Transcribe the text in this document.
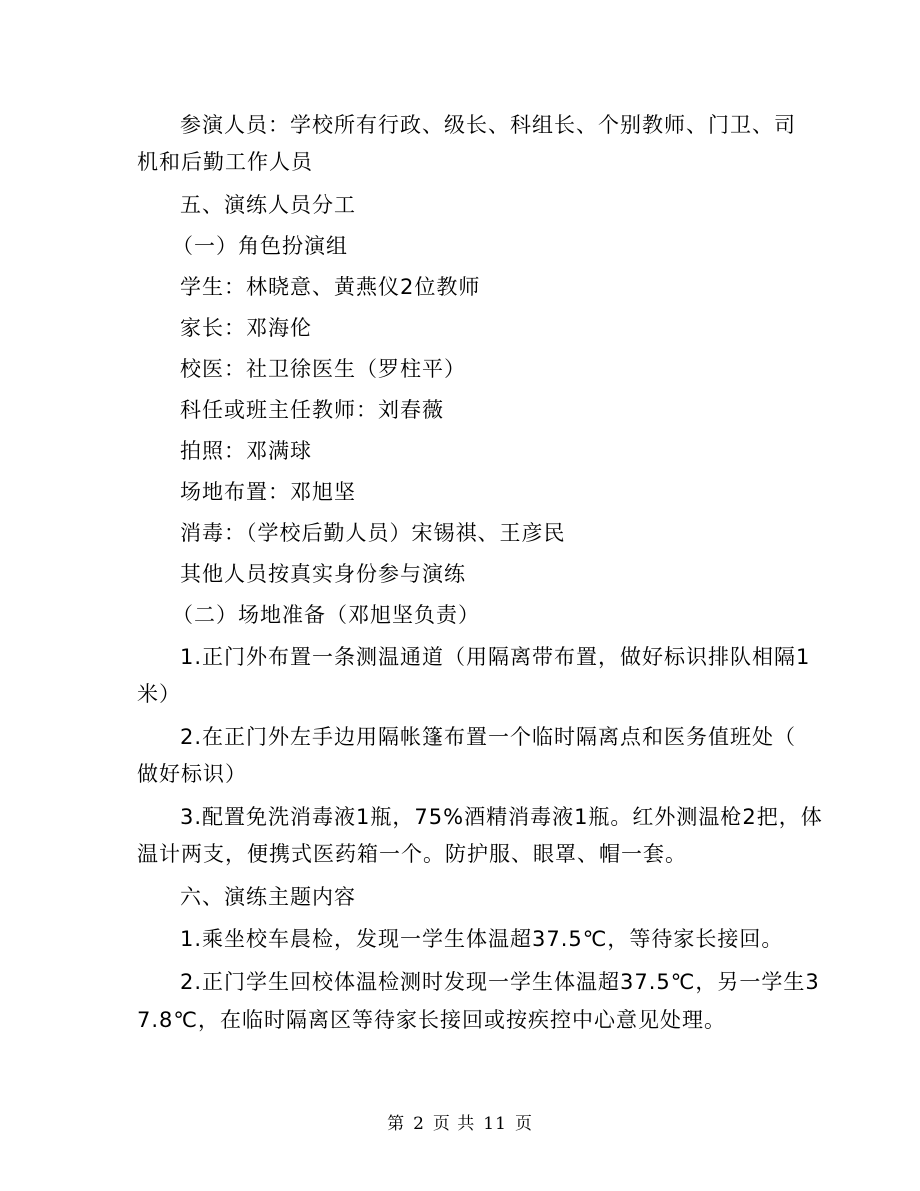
参演人员：学校所有行政、级长、科组长、个别教师、门卫、司
机和后勤工作人员
五、演练人员分工
（一）角色扮演组
学生：林晓意、黄燕仪2位教师
家长：邓海伦
校医：社卫徐医生（罗柱平）
科任或班主任教师：刘春薇
拍照：邓满球
场地布置：邓旭坚
消毒：（学校后勤人员）宋锡祺、王彦民
其他人员按真实身份参与演练
（二）场地准备（邓旭坚负责）
1.正门外布置一条测温通道（用隔离带布置，做好标识排队相隔1
米）
2.在正门外左手边用隔帐篷布置一个临时隔离点和医务值班处（
做好标识）
3.配置免洗消毒液1瓶，75%酒精消毒液1瓶。红外测温枪2把，体
温计两支，便携式医药箱一个。防护服、眼罩、帽一套。
六、演练主题内容
1.乘坐校车晨检，发现一学生体温超37.5℃，等待家长接回。
2.正门学生回校体温检测时发现一学生体温超37.5℃，另一学生3
7.8℃，在临时隔离区等待家长接回或按疾控中心意见处理。
第 2 页 共 11 页
